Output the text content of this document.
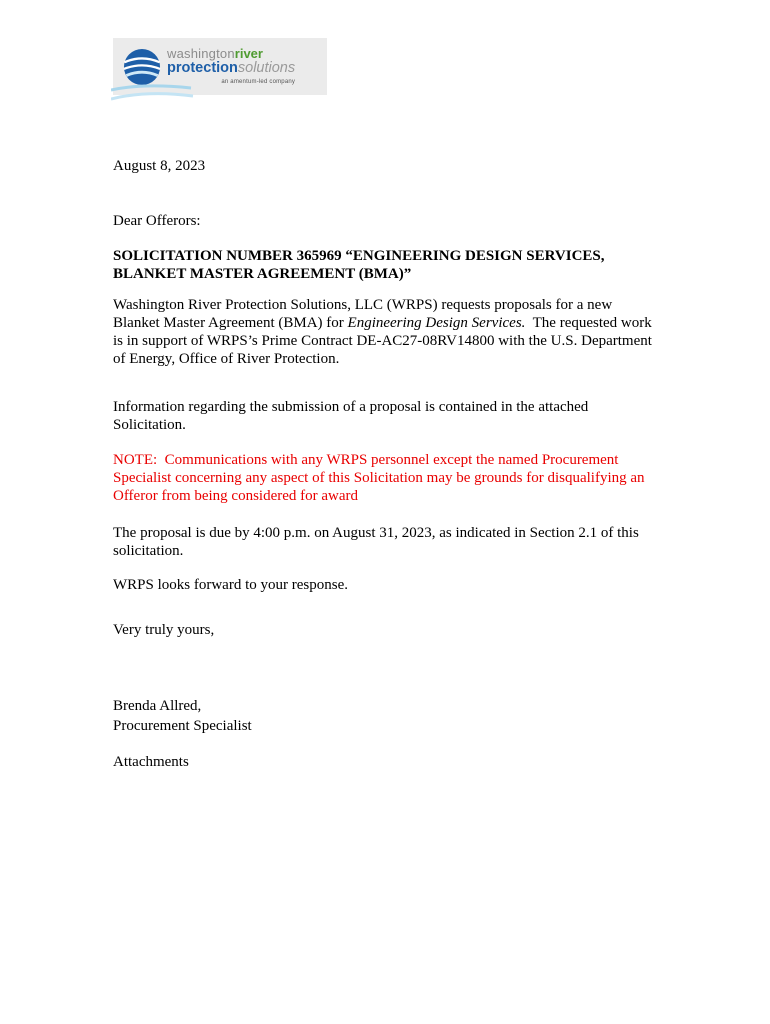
washingtonriver
protectionsolutions
an amentum-led company

August 8, 2023

Dear Offerors:

SOLICITATION NUMBER 365969 “ENGINEERING DESIGN SERVICES,
BLANKET MASTER AGREEMENT (BMA)”

Washington River Protection Solutions, LLC (WRPS) requests proposals for a new Blanket Master Agreement (BMA) for Engineering Design Services.  The requested work is in support of WRPS’s Prime Contract DE-AC27-08RV14800 with the U.S. Department of Energy, Office of River Protection.

Information regarding the submission of a proposal is contained in the attached Solicitation.

NOTE:  Communications with any WRPS personnel except the named Procurement Specialist concerning any aspect of this Solicitation may be grounds for disqualifying an Offeror from being considered for award

The proposal is due by 4:00 p.m. on August 31, 2023, as indicated in Section 2.1 of this solicitation.

WRPS looks forward to your response.

Very truly yours,

Brenda Allred,

Procurement Specialist

Attachments
